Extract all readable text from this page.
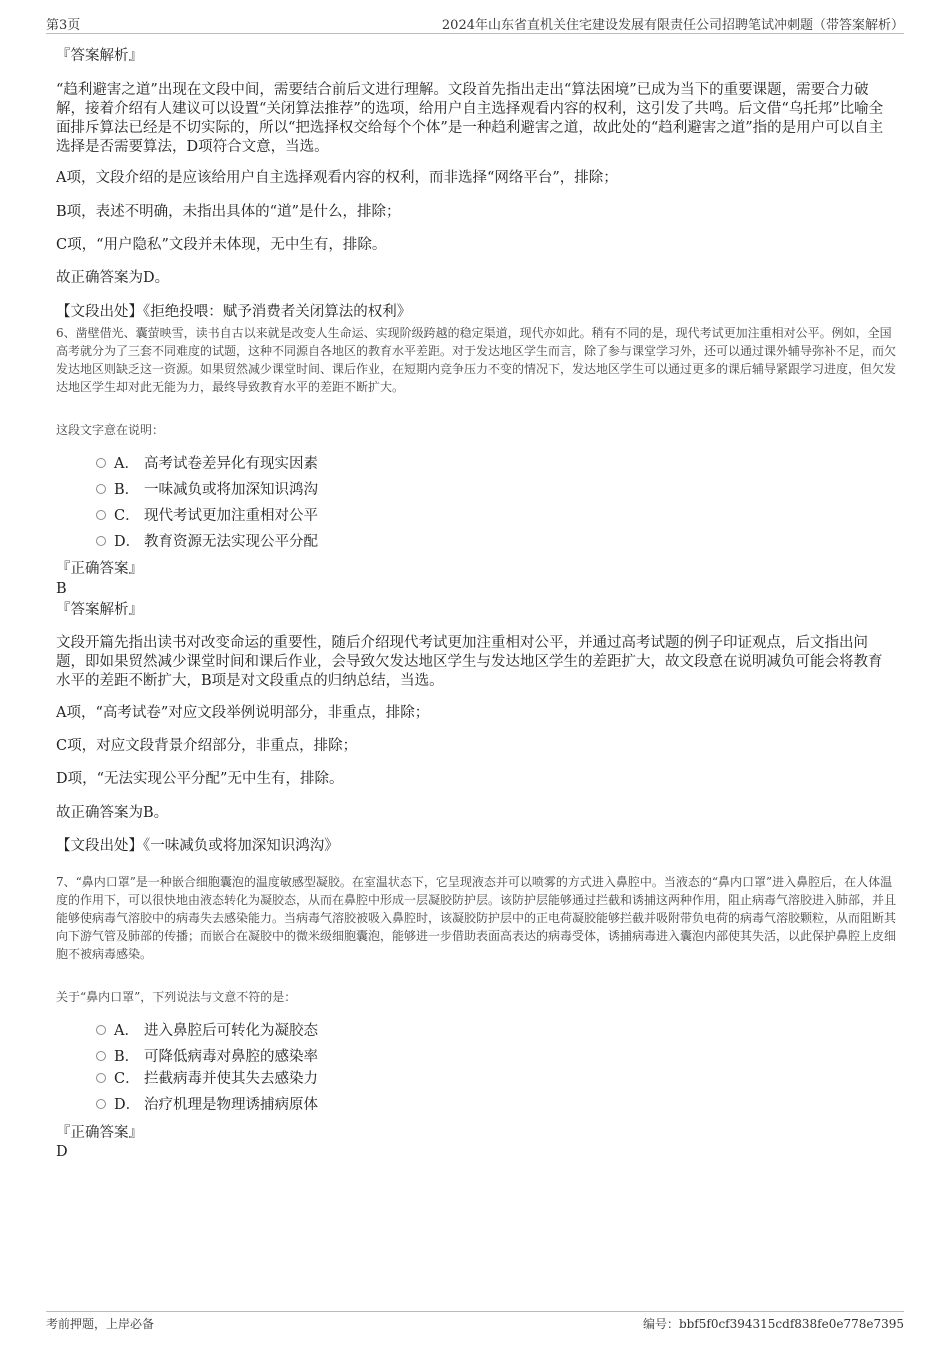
第3页	2024年山东省直机关住宅建设发展有限责任公司招聘笔试冲刺题（带答案解析）
『答案解析』
“趋利避害之道”出现在文段中间，需要结合前后文进行理解。文段首先指出走出“算法困境”已成为当下的重要课题，需要合力破解，接着介绍有人建议可以设置“关闭算法推荐”的选项，给用户自主选择观看内容的权利，这引发了共鸣。后文借“乌托邦”比喻全面排斥算法已经是不切实际的，所以“把选择权交给每个个体”是一种趋利避害之道，故此处的“趋利避害之道”指的是用户可以自主选择是否需要算法，D项符合文意，当选。
A项，文段介绍的是应该给用户自主选择观看内容的权利，而非选择“网络平台”，排除；
B项，表述不明确，未指出具体的“道”是什么，排除；
C项，“用户隐私”文段并未体现，无中生有，排除。
故正确答案为D。
【文段出处】《拒绝投喂：赋予消费者关闭算法的权利》
6、凿壁借光、囊萤映雪，读书自古以来就是改变人生命运、实现阶级跨越的稳定渠道，现代亦如此。稍有不同的是，现代考试更加注重相对公平。例如，全国高考就分为了三套不同难度的试题，这种不同源自各地区的教育水平差距。对于发达地区学生而言，除了参与课堂学习外，还可以通过课外辅导弥补不足，而欠发达地区则缺乏这一资源。如果贸然减少课堂时间、课后作业，在短期内竞争压力不变的情况下，发达地区学生可以通过更多的课后辅导紧跟学习进度，但欠发达地区学生却对此无能为力，最终导致教育水平的差距不断扩大。
这段文字意在说明：
A． 高考试卷差异化有现实因素
B． 一味减负或将加深知识鸿沟
C． 现代考试更加注重相对公平
D． 教育资源无法实现公平分配
『正确答案』
B
『答案解析』
文段开篇先指出读书对改变命运的重要性，随后介绍现代考试更加注重相对公平，并通过高考试题的例子印证观点，后文指出问题，即如果贸然减少课堂时间和课后作业，会导致欠发达地区学生与发达地区学生的差距扩大，故文段意在说明减负可能会将教育水平的差距不断扩大，B项是对文段重点的归纳总结，当选。
A项，“高考试卷”对应文段举例说明部分，非重点，排除；
C项，对应文段背景介绍部分，非重点，排除；
D项，“无法实现公平分配”无中生有，排除。
故正确答案为B。
【文段出处】《一味减负或将加深知识鸿沟》
7、“鼻内口罩”是一种嵌合细胞囊泡的温度敏感型凝胶。在室温状态下，它呈现液态并可以喷雾的方式进入鼻腔中。当液态的“鼻内口罩”进入鼻腔后，在人体温度的作用下，可以很快地由液态转化为凝胶态，从而在鼻腔中形成一层凝胶防护层。该防护层能够通过拦截和诱捕这两种作用，阻止病毒气溶胶进入肺部，并且能够使病毒气溶胶中的病毒失去感染能力。当病毒气溶胶被吸入鼻腔时，该凝胶防护层中的正电荷凝胶能够拦截并吸附带负电荷的病毒气溶胶颗粒，从而阻断其向下游气管及肺部的传播；而嵌合在凝胶中的微米级细胞囊泡，能够进一步借助表面高表达的病毒受体，诱捕病毒进入囊泡内部使其失活，以此保护鼻腔上皮细胞不被病毒感染。
关于“鼻内口罩”，下列说法与文意不符的是：
A． 进入鼻腔后可转化为凝胶态
B． 可降低病毒对鼻腔的感染率
C． 拦截病毒并使其失去感染力
D． 治疗机理是物理诱捕病原体
『正确答案』
D
考前押题，上岸必备	编号：bbf5f0cf394315cdf838fe0e778e7395
